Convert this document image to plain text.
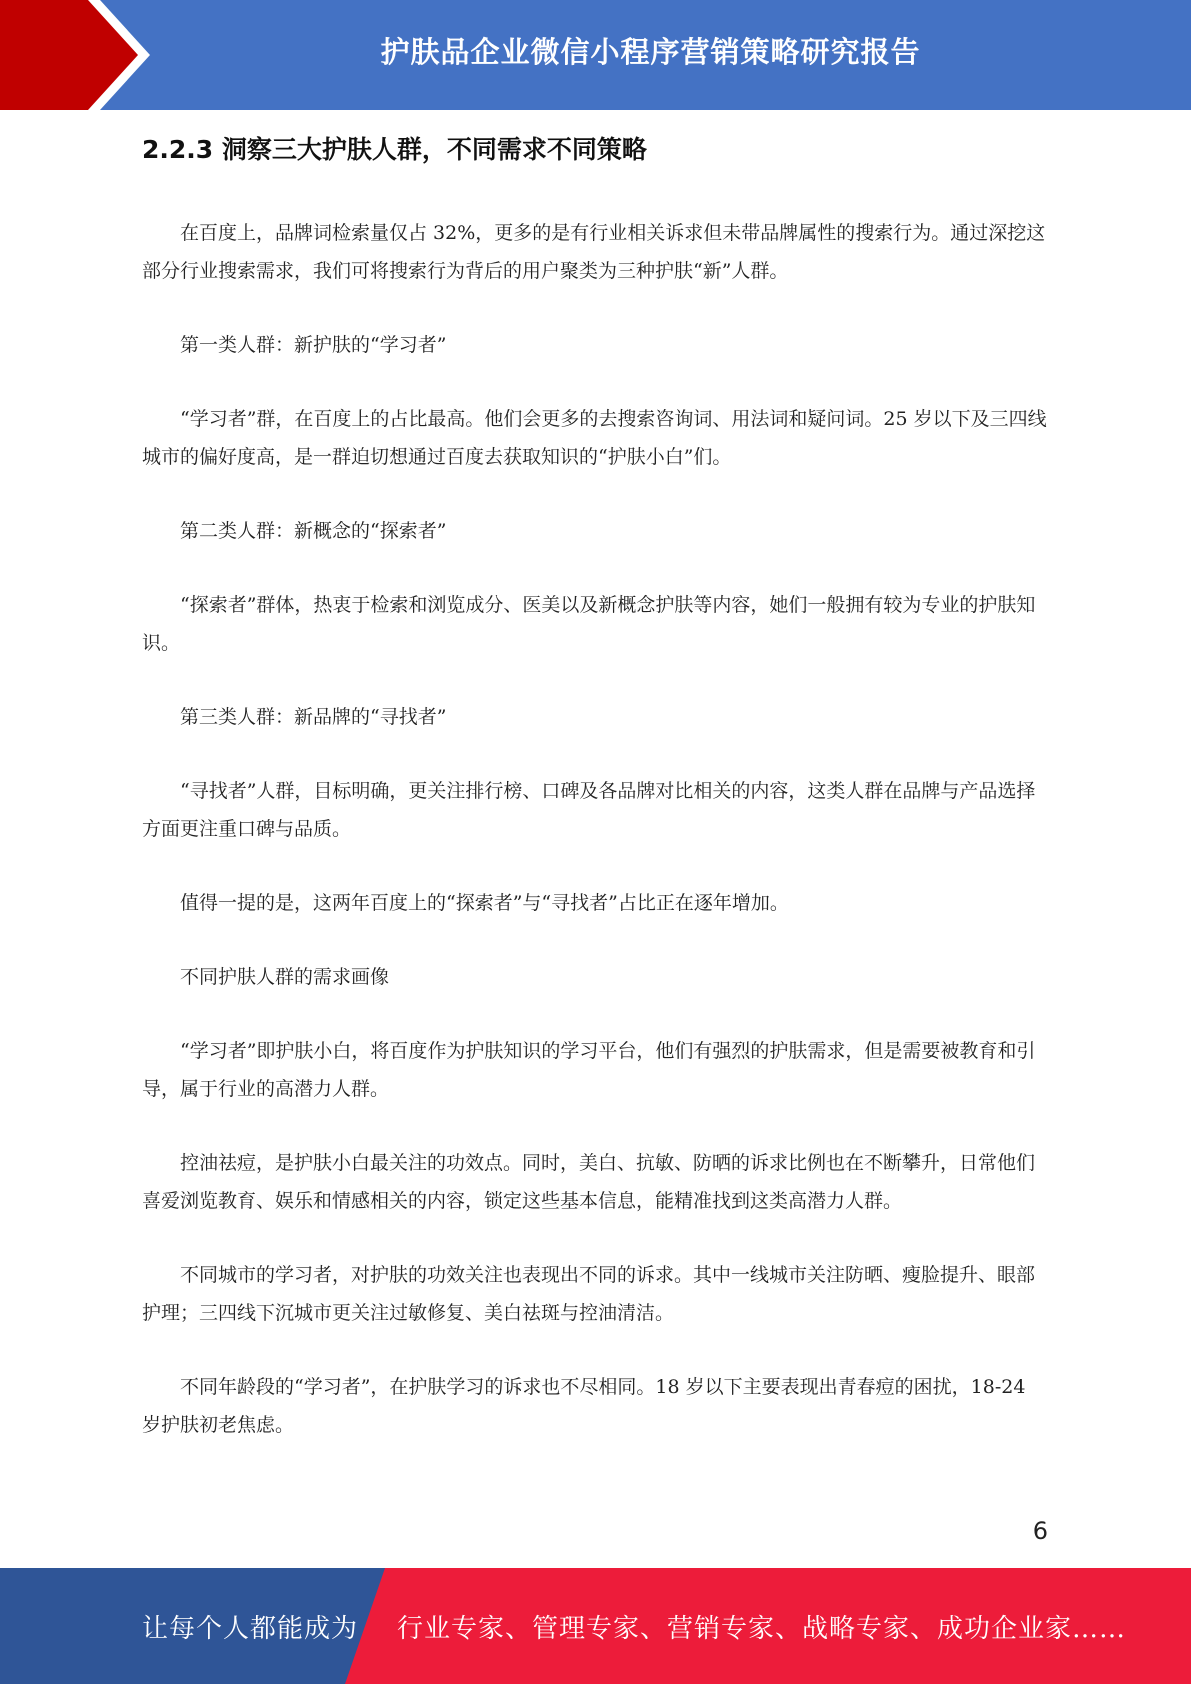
护肤品企业微信小程序营销策略研究报告
2.2.3 洞察三大护肤人群，不同需求不同策略

在百度上，品牌词检索量仅占 32%，更多的是有行业相关诉求但未带品牌属性的搜索行为。通过深挖这部分行业搜索需求，我们可将搜索行为背后的用户聚类为三种护肤“新”人群。

第一类人群：新护肤的“学习者”

“学习者”群，在百度上的占比最高。他们会更多的去搜索咨询词、用法词和疑问词。25 岁以下及三四线城市的偏好度高，是一群迫切想通过百度去获取知识的“护肤小白”们。

第二类人群：新概念的“探索者”

“探索者”群体，热衷于检索和浏览成分、医美以及新概念护肤等内容，她们一般拥有较为专业的护肤知识。

第三类人群：新品牌的“寻找者”

“寻找者”人群，目标明确，更关注排行榜、口碑及各品牌对比相关的内容，这类人群在品牌与产品选择方面更注重口碑与品质。

值得一提的是，这两年百度上的“探索者”与“寻找者”占比正在逐年增加。

不同护肤人群的需求画像

“学习者”即护肤小白，将百度作为护肤知识的学习平台，他们有强烈的护肤需求，但是需要被教育和引导，属于行业的高潜力人群。

控油祛痘，是护肤小白最关注的功效点。同时，美白、抗敏、防晒的诉求比例也在不断攀升，日常他们喜爱浏览教育、娱乐和情感相关的内容，锁定这些基本信息，能精准找到这类高潜力人群。

不同城市的学习者，对护肤的功效关注也表现出不同的诉求。其中一线城市关注防晒、瘦脸提升、眼部护理；三四线下沉城市更关注过敏修复、美白祛斑与控油清洁。

不同年龄段的“学习者”，在护肤学习的诉求也不尽相同。18 岁以下主要表现出青春痘的困扰，18-24 岁护肤初老焦虑。

6
让每个人都能成为 行业专家、管理专家、营销专家、战略专家、成功企业家……
